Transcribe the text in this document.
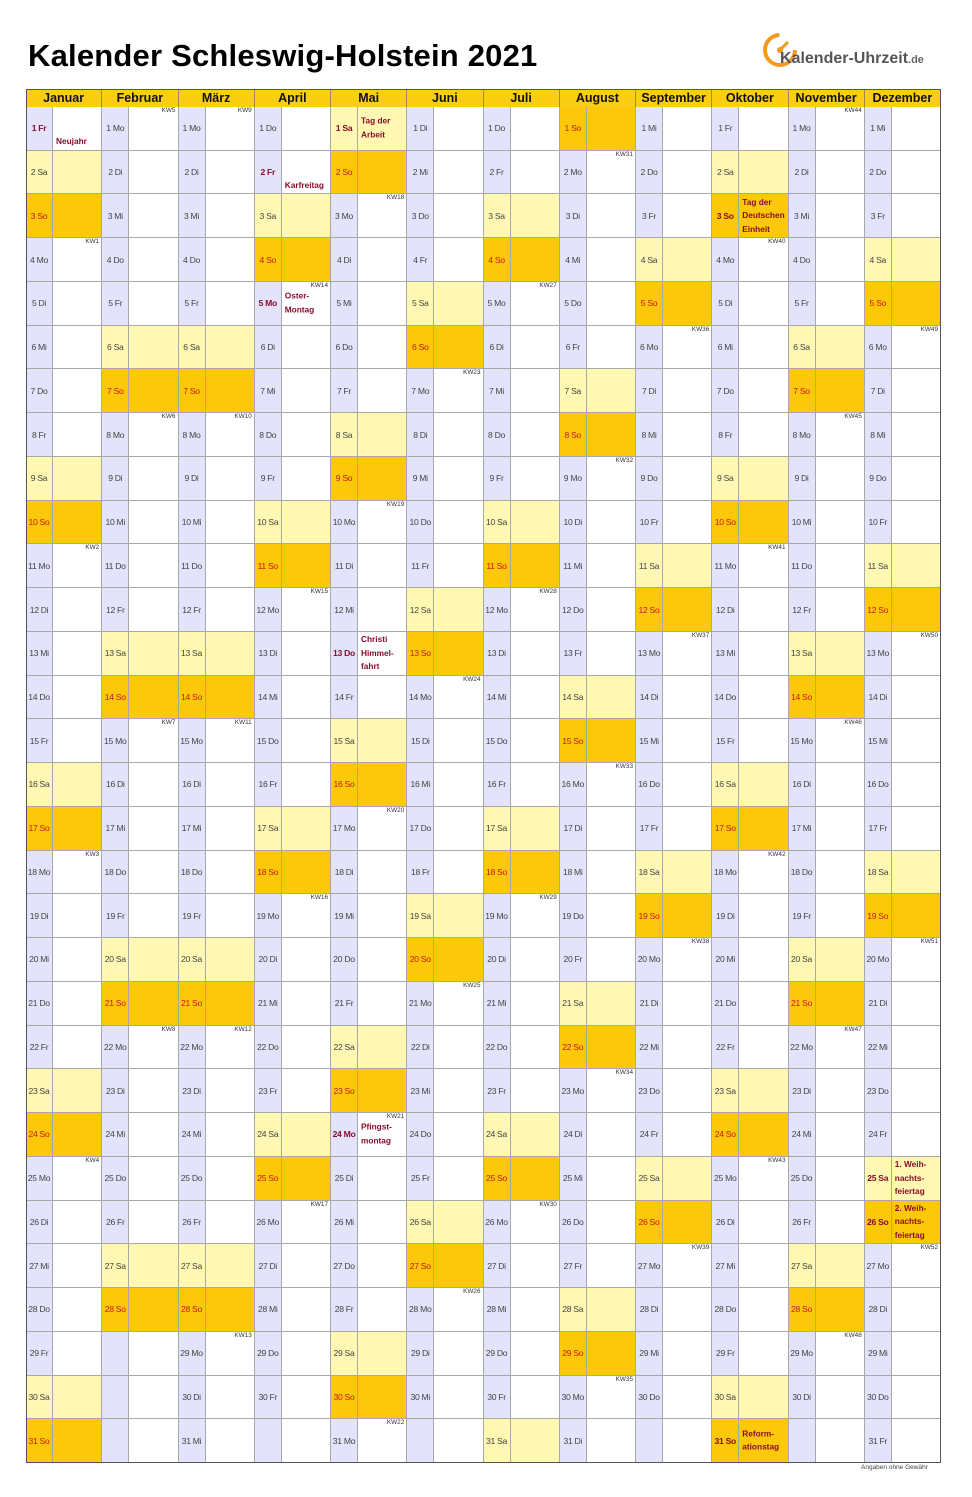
Kalender Schleswig-Holstein 2021	Kalender-Uhrzeit.de
Januar
1 Fr
Neujahr
2 Sa
3 So
4 Mo
KW1
5 Di
6 Mi
7 Do
8 Fr
9 Sa
10 So
11 Mo
KW2
12 Di
13 Mi
14 Do
15 Fr
16 Sa
17 So
18 Mo
KW3
19 Di
20 Mi
21 Do
22 Fr
23 Sa
24 So
25 Mo
KW4
26 Di
27 Mi
28 Do
29 Fr
30 Sa
31 So
Februar
1 Mo
KW5
2 Di
3 Mi
4 Do
5 Fr
6 Sa
7 So
8 Mo
KW6
9 Di
10 Mi
11 Do
12 Fr
13 Sa
14 So
15 Mo
KW7
16 Di
17 Mi
18 Do
19 Fr
20 Sa
21 So
22 Mo
KW8
23 Di
24 Mi
25 Do
26 Fr
27 Sa
28 So
März
1 Mo
KW9
2 Di
3 Mi
4 Do
5 Fr
6 Sa
7 So
8 Mo
KW10
9 Di
10 Mi
11 Do
12 Fr
13 Sa
14 So
15 Mo
KW11
16 Di
17 Mi
18 Do
19 Fr
20 Sa
21 So
22 Mo
KW12
23 Di
24 Mi
25 Do
26 Fr
27 Sa
28 So
29 Mo
KW13
30 Di
31 Mi
April
1 Do
2 Fr
Karfreitag
3 Sa
4 So
5 Mo
Oster-
Montag
KW14
6 Di
7 Mi
8 Do
9 Fr
10 Sa
11 So
12 Mo
KW15
13 Di
14 Mi
15 Do
16 Fr
17 Sa
18 So
19 Mo
KW16
20 Di
21 Mi
22 Do
23 Fr
24 Sa
25 So
26 Mo
KW17
27 Di
28 Mi
29 Do
30 Fr
Mai
1 Sa
Tag der
Arbeit
2 So
3 Mo
KW18
4 Di
5 Mi
6 Do
7 Fr
8 Sa
9 So
10 Mo
KW19
11 Di
12 Mi
13 Do
Christi
Himmel-
fahrt
14 Fr
15 Sa
16 So
17 Mo
KW20
18 Di
19 Mi
20 Do
21 Fr
22 Sa
23 So
24 Mo
Pfingst-
montag
KW21
25 Di
26 Mi
27 Do
28 Fr
29 Sa
30 So
31 Mo
KW22
Juni
1 Di
2 Mi
3 Do
4 Fr
5 Sa
6 So
7 Mo
KW23
8 Di
9 Mi
10 Do
11 Fr
12 Sa
13 So
14 Mo
KW24
15 Di
16 Mi
17 Do
18 Fr
19 Sa
20 So
21 Mo
KW25
22 Di
23 Mi
24 Do
25 Fr
26 Sa
27 So
28 Mo
KW26
29 Di
30 Mi
Juli
1 Do
2 Fr
3 Sa
4 So
5 Mo
KW27
6 Di
7 Mi
8 Do
9 Fr
10 Sa
11 So
12 Mo
KW28
13 Di
14 Mi
15 Do
16 Fr
17 Sa
18 So
19 Mo
KW29
20 Di
21 Mi
22 Do
23 Fr
24 Sa
25 So
26 Mo
KW30
27 Di
28 Mi
29 Do
30 Fr
31 Sa
August
1 So
2 Mo
KW31
3 Di
4 Mi
5 Do
6 Fr
7 Sa
8 So
9 Mo
KW32
10 Di
11 Mi
12 Do
13 Fr
14 Sa
15 So
16 Mo
KW33
17 Di
18 Mi
19 Do
20 Fr
21 Sa
22 So
23 Mo
KW34
24 Di
25 Mi
26 Do
27 Fr
28 Sa
29 So
30 Mo
KW35
31 Di
September
1 Mi
2 Do
3 Fr
4 Sa
5 So
6 Mo
KW36
7 Di
8 Mi
9 Do
10 Fr
11 Sa
12 So
13 Mo
KW37
14 Di
15 Mi
16 Do
17 Fr
18 Sa
19 So
20 Mo
KW38
21 Di
22 Mi
23 Do
24 Fr
25 Sa
26 So
27 Mo
KW39
28 Di
29 Mi
30 Do
Oktober
1 Fr
2 Sa
3 So
Tag der
Deutschen
Einheit
4 Mo
KW40
5 Di
6 Mi
7 Do
8 Fr
9 Sa
10 So
11 Mo
KW41
12 Di
13 Mi
14 Do
15 Fr
16 Sa
17 So
18 Mo
KW42
19 Di
20 Mi
21 Do
22 Fr
23 Sa
24 So
25 Mo
KW43
26 Di
27 Mi
28 Do
29 Fr
30 Sa
31 So
Reform-
ationstag
November
1 Mo
KW44
2 Di
3 Mi
4 Do
5 Fr
6 Sa
7 So
8 Mo
KW45
9 Di
10 Mi
11 Do
12 Fr
13 Sa
14 So
15 Mo
KW46
16 Di
17 Mi
18 Do
19 Fr
20 Sa
21 So
22 Mo
KW47
23 Di
24 Mi
25 Do
26 Fr
27 Sa
28 So
29 Mo
KW48
30 Di
Dezember
1 Mi
2 Do
3 Fr
4 Sa
5 So
6 Mo
KW49
7 Di
8 Mi
9 Do
10 Fr
11 Sa
12 So
13 Mo
KW50
14 Di
15 Mi
16 Do
17 Fr
18 Sa
19 So
20 Mo
KW51
21 Di
22 Mi
23 Do
24 Fr
25 Sa
1. Weih-
nachts-
feiertag
26 So
2. Weih-
nachts-
feiertag
27 Mo
KW52
28 Di
29 Mi
30 Do
31 Fr
Angaben ohne Gewähr
